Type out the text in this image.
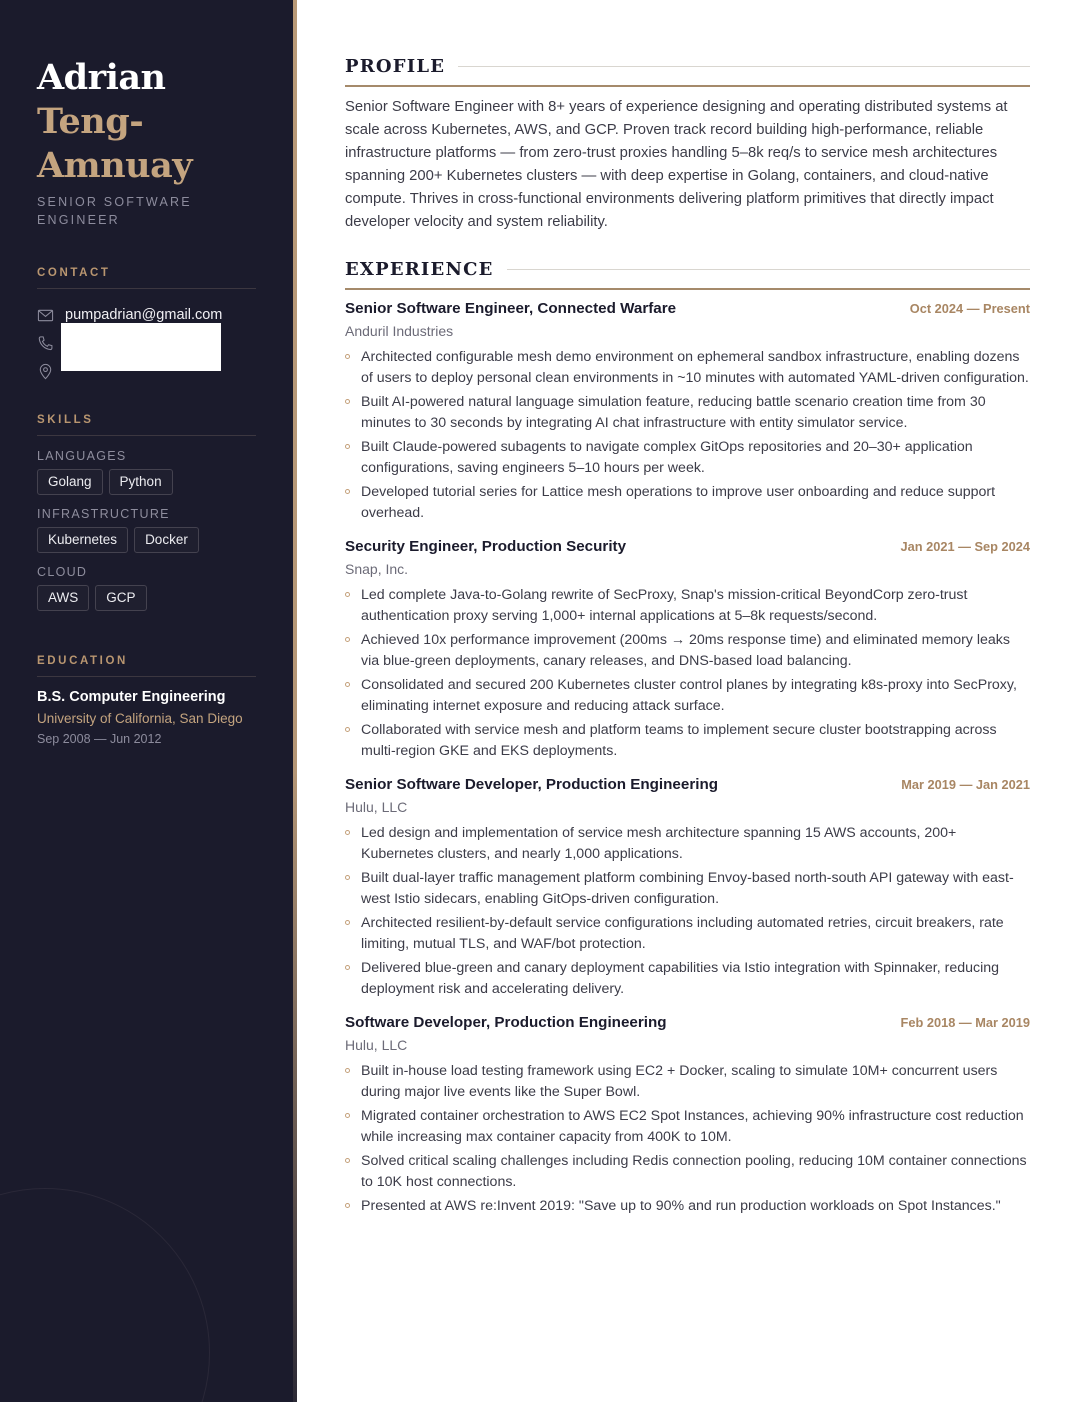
Adrian
Teng-Amnuay
SENIOR SOFTWARE ENGINEER
CONTACT
pumpadrian@gmail.com
SKILLS
LANGUAGES
Golang	Python
INFRASTRUCTURE
Kubernetes	Docker
CLOUD
AWS	GCP
EDUCATION
B.S. Computer Engineering
University of California, San Diego
Sep 2008 — Jun 2012
PROFILE

Senior Software Engineer with 8+ years of experience designing and operating distributed systems at scale across Kubernetes, AWS, and GCP. Proven track record building high-performance, reliable infrastructure platforms — from zero-trust proxies handling 5–8k req/s to service mesh architectures spanning 200+ Kubernetes clusters — with deep expertise in Golang, containers, and cloud-native compute. Thrives in cross-functional environments delivering platform primitives that directly impact developer velocity and system reliability.

EXPERIENCE
Senior Software Engineer, Connected Warfare	Oct 2024 — Present
Anduril Industries
Architected configurable mesh demo environment on ephemeral sandbox infrastructure, enabling dozens of users to deploy personal clean environments in ~10 minutes with automated YAML-driven configuration.
Built AI-powered natural language simulation feature, reducing battle scenario creation time from 30 minutes to 30 seconds by integrating AI chat infrastructure with entity simulator service.
Built Claude-powered subagents to navigate complex GitOps repositories and 20–30+ application configurations, saving engineers 5–10 hours per week.
Developed tutorial series for Lattice mesh operations to improve user onboarding and reduce support overhead.
Security Engineer, Production Security	Jan 2021 — Sep 2024
Snap, Inc.
Led complete Java-to-Golang rewrite of SecProxy, Snap's mission-critical BeyondCorp zero-trust authentication proxy serving 1,000+ internal applications at 5–8k requests/second.
Achieved 10x performance improvement (200ms → 20ms response time) and eliminated memory leaks via blue-green deployments, canary releases, and DNS-based load balancing.
Consolidated and secured 200 Kubernetes cluster control planes by integrating k8s-proxy into SecProxy, eliminating internet exposure and reducing attack surface.
Collaborated with service mesh and platform teams to implement secure cluster bootstrapping across multi-region GKE and EKS deployments.
Senior Software Developer, Production Engineering	Mar 2019 — Jan 2021
Hulu, LLC
Led design and implementation of service mesh architecture spanning 15 AWS accounts, 200+ Kubernetes clusters, and nearly 1,000 applications.
Built dual-layer traffic management platform combining Envoy-based north-south API gateway with east-west Istio sidecars, enabling GitOps-driven configuration.
Architected resilient-by-default service configurations including automated retries, circuit breakers, rate limiting, mutual TLS, and WAF/bot protection.
Delivered blue-green and canary deployment capabilities via Istio integration with Spinnaker, reducing deployment risk and accelerating delivery.
Software Developer, Production Engineering	Feb 2018 — Mar 2019
Hulu, LLC
Built in-house load testing framework using EC2 + Docker, scaling to simulate 10M+ concurrent users during major live events like the Super Bowl.
Migrated container orchestration to AWS EC2 Spot Instances, achieving 90% infrastructure cost reduction while increasing max container capacity from 400K to 10M.
Solved critical scaling challenges including Redis connection pooling, reducing 10M container connections to 10K host connections.
Presented at AWS re:Invent 2019: "Save up to 90% and run production workloads on Spot Instances."
